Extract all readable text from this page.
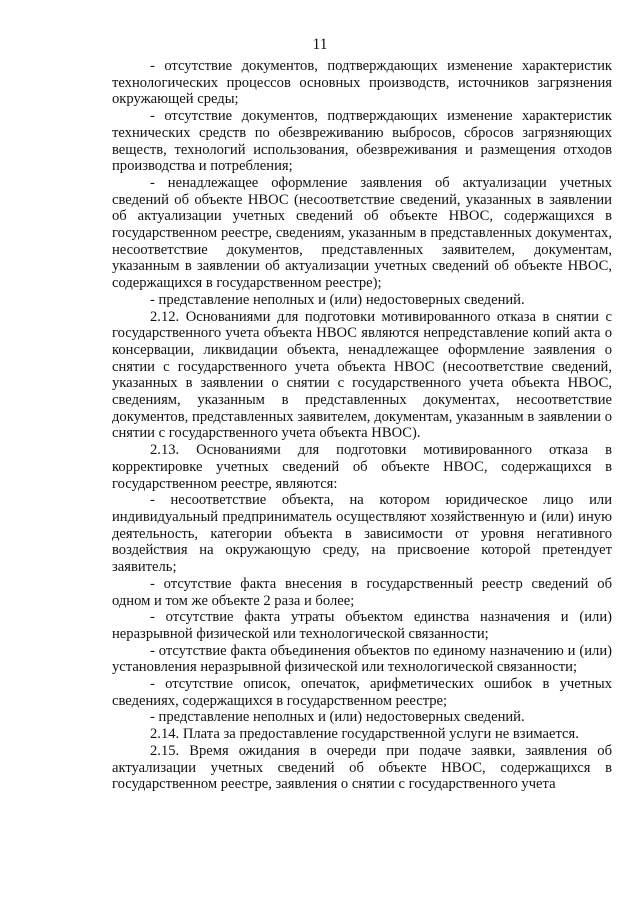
11

- отсутствие документов, подтверждающих изменение характеристик технологических процессов основных производств, источников загрязнения окружающей среды;

- отсутствие документов, подтверждающих изменение характеристик технических средств по обезвреживанию выбросов, сбросов загрязняющих веществ, технологий использования, обезвреживания и размещения отходов производства и потребления;

- ненадлежащее оформление заявления об актуализации учетных сведений об объекте НВОС (несоответствие сведений, указанных в заявлении об актуализации учетных сведений об объекте НВОС, содержащихся в государственном реестре, сведениям, указанным в представленных документах, несоответствие документов, представленных заявителем, документам, указанным в заявлении об актуализации учетных сведений об объекте НВОС, содержащихся в государственном реестре);

- представление неполных и (или) недостоверных сведений.

2.12. Основаниями для подготовки мотивированного отказа в снятии с государственного учета объекта НВОС являются непредставление копий акта о консервации, ликвидации объекта, ненадлежащее оформление заявления о снятии с государственного учета объекта НВОС (несоответствие сведений, указанных в заявлении о снятии с государственного учета объекта НВОС, сведениям, указанным в представленных документах, несоответствие документов, представленных заявителем, документам, указанным в заявлении о снятии с государственного учета объекта НВОС).

2.13. Основаниями для подготовки мотивированного отказа в корректировке учетных сведений об объекте НВОС, содержащихся в государственном реестре, являются:

- несоответствие объекта, на котором юридическое лицо или индивидуальный предприниматель осуществляют хозяйственную и (или) иную деятельность, категории объекта в зависимости от уровня негативного воздействия на окружающую среду, на присвоение которой претендует заявитель;

- отсутствие факта внесения в государственный реестр сведений об одном и том же объекте 2 раза и более;

- отсутствие факта утраты объектом единства назначения и (или) неразрывной физической или технологической связанности;

- отсутствие факта объединения объектов по единому назначению и (или) установления неразрывной физической или технологической связанности;

- отсутствие описок, опечаток, арифметических ошибок в учетных сведениях, содержащихся в государственном реестре;

- представление неполных и (или) недостоверных сведений.

2.14. Плата за предоставление государственной услуги не взимается.

2.15. Время ожидания в очереди при подаче заявки, заявления об актуализации учетных сведений об объекте НВОС, содержащихся в государственном реестре, заявления о снятии с государственного учета
